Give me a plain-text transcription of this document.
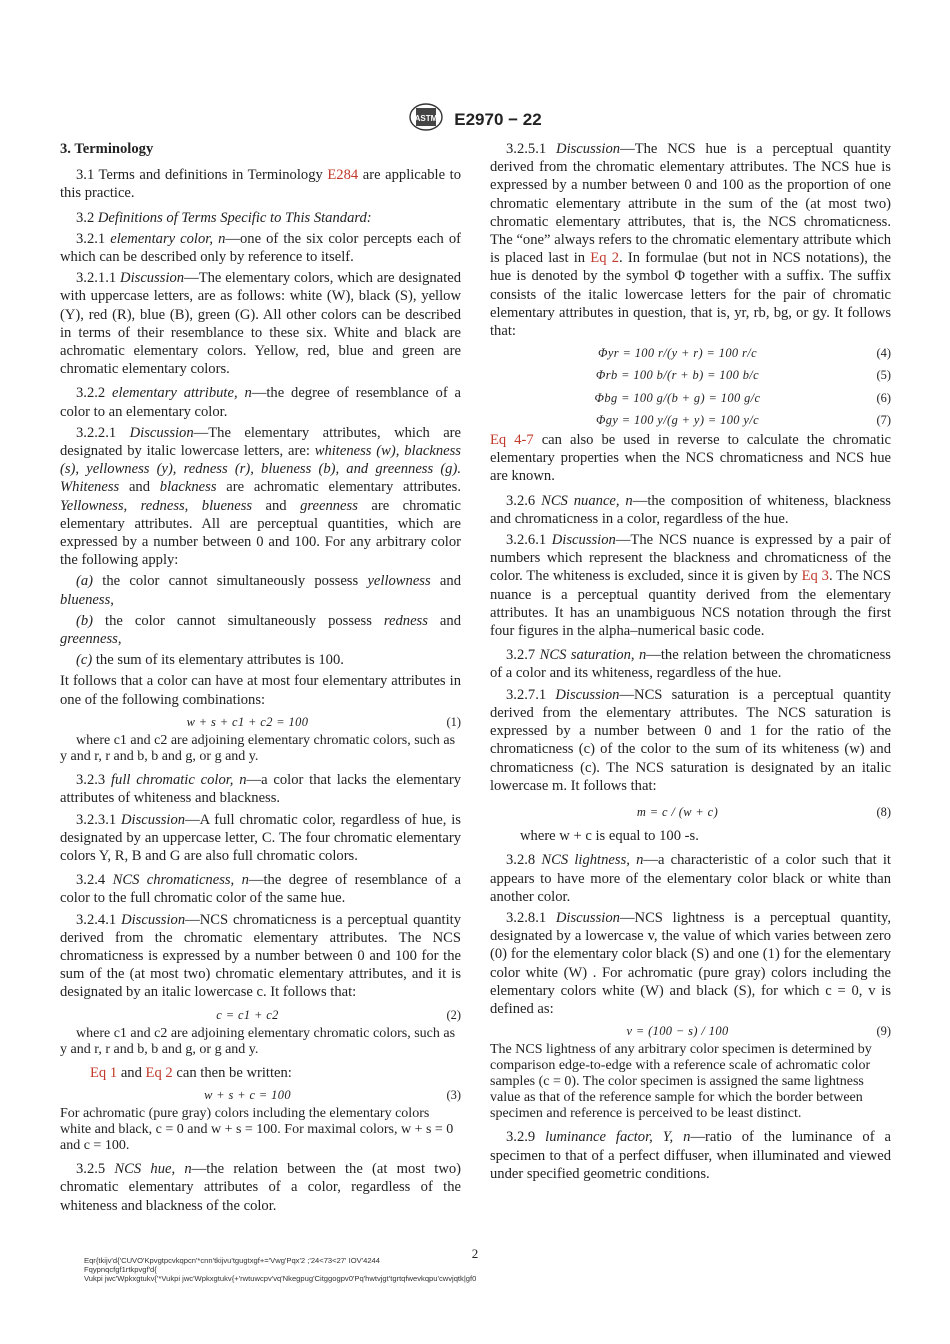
ASTM E2970 − 22

3. Terminology

3.1 Terms and definitions in Terminology E284 are applicable to this practice.

3.2 Definitions of Terms Specific to This Standard:

3.2.1 elementary color, n—one of the six color percepts each of which can be described only by reference to itself.

3.2.1.1 Discussion—The elementary colors, which are designated with uppercase letters, are as follows: white (W), black (S), yellow (Y), red (R), blue (B), green (G). All other colors can be described in terms of their resemblance to these six. White and black are achromatic elementary colors. Yellow, red, blue and green are chromatic elementary colors.

3.2.2 elementary attribute, n—the degree of resemblance of a color to an elementary color.

3.2.2.1 Discussion—The elementary attributes, which are designated by italic lowercase letters, are: whiteness (w), blackness (s), yellowness (y), redness (r), blueness (b), and greenness (g). Whiteness and blackness are achromatic elementary attributes. Yellowness, redness, blueness and greenness are chromatic elementary attributes. All are perceptual quantities, which are expressed by a number between 0 and 100. For any arbitrary color the following apply:

(a) the color cannot simultaneously possess yellowness and blueness,

(b) the color cannot simultaneously possess redness and greenness,

(c) the sum of its elementary attributes is 100.

It follows that a color can have at most four elementary attributes in one of the following combinations:

w + s + c1 + c2 = 100	(1)

where c1 and c2 are adjoining elementary chromatic colors, such as y and r, r and b, b and g, or g and y.

3.2.3 full chromatic color, n—a color that lacks the elementary attributes of whiteness and blackness.

3.2.3.1 Discussion—A full chromatic color, regardless of hue, is designated by an uppercase letter, C. The four chromatic elementary colors Y, R, B and G are also full chromatic colors.

3.2.4 NCS chromaticness, n—the degree of resemblance of a color to the full chromatic color of the same hue.

3.2.4.1 Discussion—NCS chromaticness is a perceptual quantity derived from the chromatic elementary attributes. The NCS chromaticness is expressed by a number between 0 and 100 for the sum of the (at most two) chromatic elementary attributes, and it is designated by an italic lowercase c. It follows that:

c = c1 + c2	(2)

where c1 and c2 are adjoining elementary chromatic colors, such as y and r, r and b, b and g, or g and y.

Eq 1 and Eq 2 can then be written:

w + s + c = 100	(3)

For achromatic (pure gray) colors including the elementary colors white and black, c = 0 and w + s = 100. For maximal colors, w + s = 0 and c = 100.

3.2.5 NCS hue, n—the relation between the (at most two) chromatic elementary attributes of a color, regardless of the whiteness and blackness of the color.

3.2.5.1 Discussion—The NCS hue is a perceptual quantity derived from the chromatic elementary attributes. The NCS hue is expressed by a number between 0 and 100 as the proportion of one chromatic elementary attribute in the sum of the (at most two) chromatic elementary attributes, that is, the NCS chromaticness. The “one” always refers to the chromatic elementary attribute which is placed last in Eq 2. In formulae (but not in NCS notations), the hue is denoted by the symbol Φ together with a suffix. The suffix consists of the italic lowercase letters for the pair of chromatic elementary attributes in question, that is, yr, rb, bg, or gy. It follows that:

Φyr = 100 r/(y + r) = 100 r/c	(4)
Φrb = 100 b/(r + b) = 100 b/c	(5)
Φbg = 100 g/(b + g) = 100 g/c	(6)
Φgy = 100 y/(g + y) = 100 y/c	(7)

Eq 4-7 can also be used in reverse to calculate the chromatic elementary properties when the NCS chromaticness and NCS hue are known.

3.2.6 NCS nuance, n—the composition of whiteness, blackness and chromaticness in a color, regardless of the hue.

3.2.6.1 Discussion—The NCS nuance is expressed by a pair of numbers which represent the blackness and chromaticness of the color. The whiteness is excluded, since it is given by Eq 3. The NCS nuance is a perceptual quantity derived from the elementary attributes. It has an unambiguous NCS notation through the first four figures in the alpha–numerical basic code.

3.2.7 NCS saturation, n—the relation between the chromaticness of a color and its whiteness, regardless of the hue.

3.2.7.1 Discussion—NCS saturation is a perceptual quantity derived from the elementary attributes. The NCS saturation is expressed by a number between 0 and 1 for the ratio of the chromaticness (c) of the color to the sum of its whiteness (w) and chromaticness (c). The NCS saturation is designated by an italic lowercase m. It follows that:

m = c / (w + c)	(8)

where w + c is equal to 100 -s.

3.2.8 NCS lightness, n—a characteristic of a color such that it appears to have more of the elementary color black or white than another color.

3.2.8.1 Discussion—NCS lightness is a perceptual quantity, designated by a lowercase v, the value of which varies between zero (0) for the elementary color black (S) and one (1) for the elementary color white (W) . For achromatic (pure gray) colors including the elementary colors white (W) and black (S), for which c = 0, v is defined as:

v = (100 − s) / 100	(9)

The NCS lightness of any arbitrary color specimen is determined by comparison edge-to-edge with a reference scale of achromatic color samples (c = 0). The color specimen is assigned the same lightness value as that of the reference sample for which the border between specimen and reference is perceived to be least distinct.

3.2.9 luminance factor, Y, n—ratio of the luminance of a specimen to that of a perfect diffuser, when illuminated and viewed under specified geometric conditions.

2
Eqr{tkijv'd{'CUVO'Kpvgtpcvkqpcn'*cnn'tkijvu'tgugtxgf+='Vwg'Pqx'2 ;'24<73<27' IOV'4244
Fqypnqcfgf1rtkpvgf'd{
Vukpi jwc'Wpkxgtukv{'*Vukpi jwc'Wpkxgtukv{+'rwtuwcpv'vq'Nkegpug'Citggogpv0'Pq'hwtvjgt'tgrtqfwevkqpu'cwvjqtk|gf0
